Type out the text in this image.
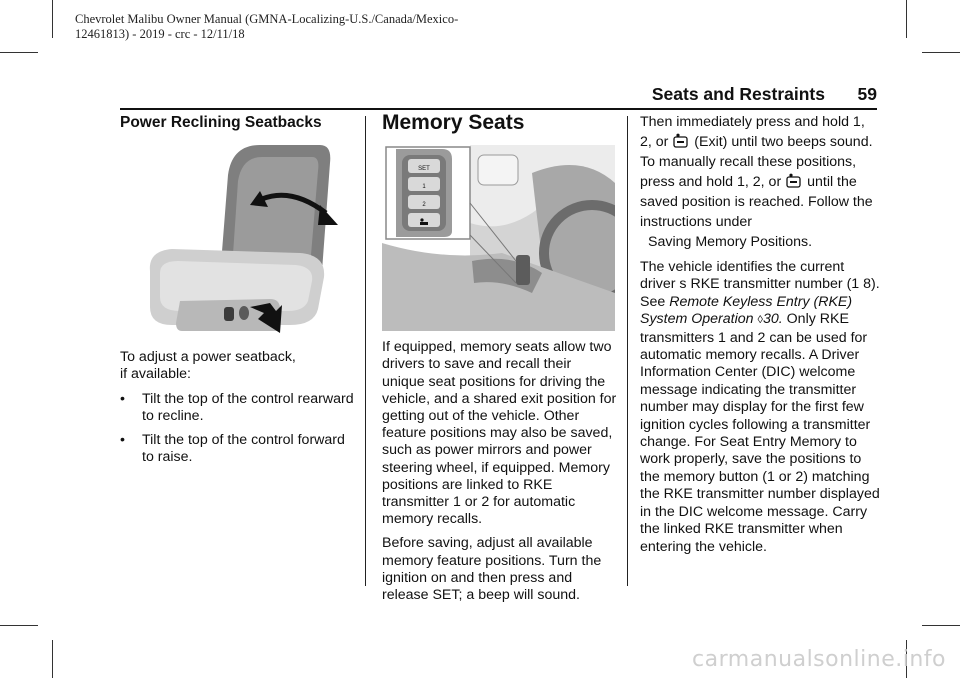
Chevrolet Malibu Owner Manual (GMNA-Localizing-U.S./Canada/Mexico-
12461813) - 2019 - crc - 12/11/18
Seats and Restraints 59
Power Reclining Seatbacks

To adjust a power seatback,
if available:

•	Tilt the top of the control rearward to recline.
•	Tilt the top of the control forward to raise.
Memory Seats
SET
1
2

If equipped, memory seats allow two drivers to save and recall their unique seat positions for driving the vehicle, and a shared exit position for getting out of the vehicle. Other feature positions may also be saved, such as power mirrors and power steering wheel, if equipped. Memory positions are linked to RKE transmitter 1 or 2 for automatic memory recalls.

Before saving, adjust all available memory feature positions. Turn the ignition on and then press and release SET; a beep will sound.

Then immediately press and hold 1, 2, or (Exit) until two beeps sound. To manually recall these positions, press and hold 1, 2, or until the saved position is reached. Follow the instructions under
Saving Memory Positions.

The vehicle identifies the current driver s RKE transmitter number (1 8). See Remote Keyless Entry (RKE) System Operation ◊30. Only RKE transmitters 1 and 2 can be used for automatic memory recalls. A Driver Information Center (DIC) welcome message indicating the transmitter number may display for the first few ignition cycles following a transmitter change. For Seat Entry Memory to work properly, save the positions to the memory button (1 or 2) matching the RKE transmitter number displayed in the DIC welcome message. Carry the linked RKE transmitter when entering the vehicle.

carmanualsonline.info
